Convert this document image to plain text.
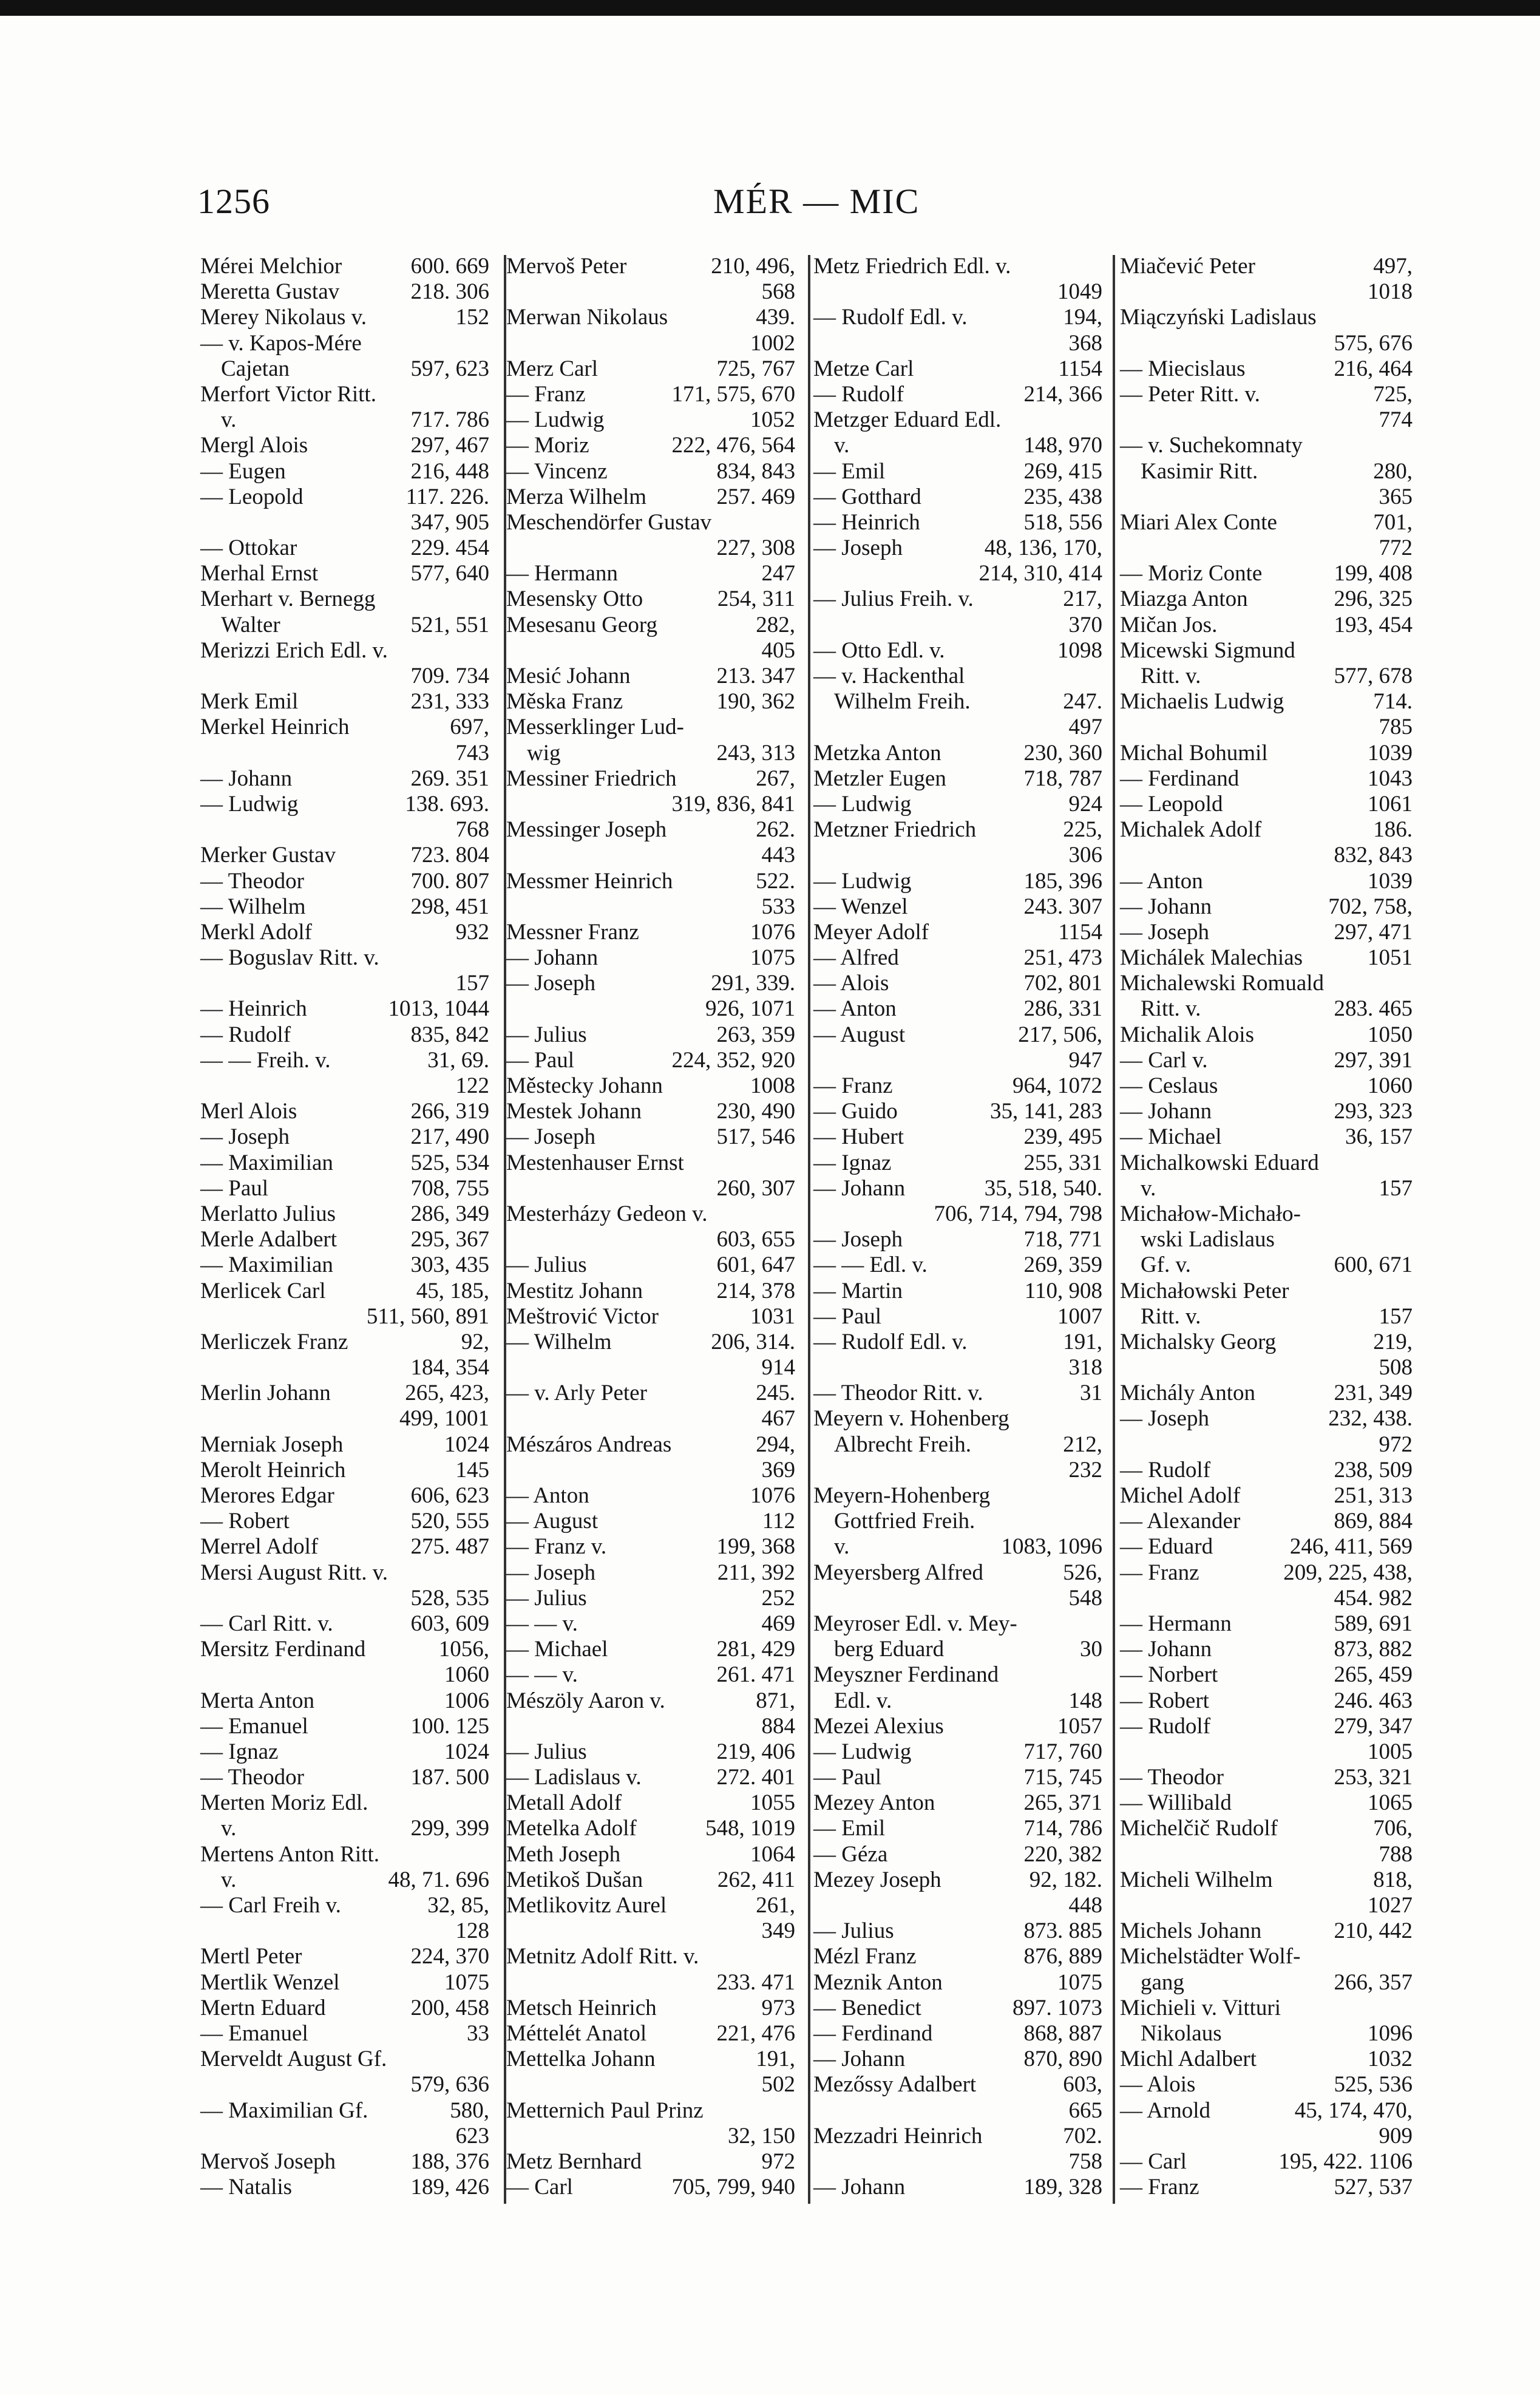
1256	MÉR — MIC
Mérei Melchior	600. 669
Meretta Gustav	218. 306
Merey Nikolaus v.	152
— v. Kapos-Mére
Cajetan	597, 623
Merfort Victor Ritt.
v.	717. 786
Mergl Alois	297, 467
— Eugen	216, 448
— Leopold	117. 226.
347, 905
— Ottokar	229. 454
Merhal Ernst	577, 640
Merhart v. Bernegg
Walter	521, 551
Merizzi Erich Edl. v.
709. 734
Merk Emil	231, 333
Merkel Heinrich	697,
743
— Johann	269. 351
— Ludwig	138. 693.
768
Merker Gustav	723. 804
— Theodor	700. 807
— Wilhelm	298, 451
Merkl Adolf	932
— Boguslav Ritt. v.
157
— Heinrich	1013, 1044
— Rudolf	835, 842
— — Freih. v.	31, 69.
122
Merl Alois	266, 319
— Joseph	217, 490
— Maximilian	525, 534
— Paul	708, 755
Merlatto Julius	286, 349
Merle Adalbert	295, 367
— Maximilian	303, 435
Merlicek Carl	45, 185,
511, 560, 891
Merliczek Franz	92,
184, 354
Merlin Johann	265, 423,
499, 1001
Merniak Joseph	1024
Merolt Heinrich	145
Merores Edgar	606, 623
— Robert	520, 555
Merrel Adolf	275. 487
Mersi August Ritt. v.
528, 535
— Carl Ritt. v.	603, 609
Mersitz Ferdinand	1056,
1060
Merta Anton	1006
— Emanuel	100. 125
— Ignaz	1024
— Theodor	187. 500
Merten Moriz Edl.
v.	299, 399
Mertens Anton Ritt.
v.	48, 71. 696
— Carl Freih v.	32, 85,
128
Mertl Peter	224, 370
Mertlik Wenzel	1075
Mertn Eduard	200, 458
— Emanuel	33
Merveldt August Gf.
579, 636
— Maximilian Gf.	580,
623
Mervoš Joseph	188, 376
— Natalis	189, 426
Mervoš Peter	210, 496,
568
Merwan Nikolaus	439.
1002
Merz Carl	725, 767
— Franz	171, 575, 670
— Ludwig	1052
— Moriz	222, 476, 564
— Vincenz	834, 843
Merza Wilhelm	257. 469
Meschendörfer Gustav
227, 308
— Hermann	247
Mesensky Otto	254, 311
Mesesanu Georg	282,
405
Mesić Johann	213. 347
Měska Franz	190, 362
Messerklinger Lud-
wig	243, 313
Messiner Friedrich	267,
319, 836, 841
Messinger Joseph	262.
443
Messmer Heinrich	522.
533
Messner Franz	1076
— Johann	1075
— Joseph	291, 339.
926, 1071
— Julius	263, 359
— Paul	224, 352, 920
Městecky Johann	1008
Mestek Johann	230, 490
— Joseph	517, 546
Mestenhauser Ernst
260, 307
Mesterházy Gedeon v.
603, 655
— Julius	601, 647
Mestitz Johann	214, 378
Meštrović Victor	1031
— Wilhelm	206, 314.
914
— v. Arly Peter	245.
467
Mészáros Andreas	294,
369
— Anton	1076
— August	112
— Franz v.	199, 368
— Joseph	211, 392
— Julius	252
— — v.	469
— Michael	281, 429
— — v.	261. 471
Mészöly Aaron v.	871,
884
— Julius	219, 406
— Ladislaus v.	272. 401
Metall Adolf	1055
Metelka Adolf	548, 1019
Meth Joseph	1064
Metikoš Dušan	262, 411
Metlikovitz Aurel	261,
349
Metnitz Adolf Ritt. v.
233. 471
Metsch Heinrich	973
Méttelét Anatol	221, 476
Mettelka Johann	191,
502
Metternich Paul Prinz
32, 150
Metz Bernhard	972
— Carl	705, 799, 940
Metz Friedrich Edl. v.
1049
— Rudolf Edl. v.	194,
368
Metze Carl	1154
— Rudolf	214, 366
Metzger Eduard Edl.
v.	148, 970
— Emil	269, 415
— Gotthard	235, 438
— Heinrich	518, 556
— Joseph	48, 136, 170,
214, 310, 414
— Julius Freih. v.	217,
370
— Otto Edl. v.	1098
— v. Hackenthal
Wilhelm Freih.	247.
497
Metzka Anton	230, 360
Metzler Eugen	718, 787
— Ludwig	924
Metzner Friedrich	225,
306
— Ludwig	185, 396
— Wenzel	243. 307
Meyer Adolf	1154
— Alfred	251, 473
— Alois	702, 801
— Anton	286, 331
— August	217, 506,
947
— Franz	964, 1072
— Guido	35, 141, 283
— Hubert	239, 495
— Ignaz	255, 331
— Johann	35, 518, 540.
706, 714, 794, 798
— Joseph	718, 771
— — Edl. v.	269, 359
— Martin	110, 908
— Paul	1007
— Rudolf Edl. v.	191,
318
— Theodor Ritt. v.	31
Meyern v. Hohenberg
Albrecht Freih.	212,
232
Meyern-Hohenberg
Gottfried Freih.
v.	1083, 1096
Meyersberg Alfred	526,
548
Meyroser Edl. v. Mey-
berg Eduard	30
Meyszner Ferdinand
Edl. v.	148
Mezei Alexius	1057
— Ludwig	717, 760
— Paul	715, 745
Mezey Anton	265, 371
— Emil	714, 786
— Géza	220, 382
Mezey Joseph	92, 182.
448
— Julius	873. 885
Mézl Franz	876, 889
Meznik Anton	1075
— Benedict	897. 1073
— Ferdinand	868, 887
— Johann	870, 890
Mezőssy Adalbert	603,
665
Mezzadri Heinrich	702.
758
— Johann	189, 328
Miačević Peter	497,
1018
Miączyński Ladislaus
575, 676
— Miecislaus	216, 464
— Peter Ritt. v.	725,
774
— v. Suchekomnaty
Kasimir Ritt.	280,
365
Miari Alex Conte	701,
772
— Moriz Conte	199, 408
Miazga Anton	296, 325
Mičan Jos.	193, 454
Micewski Sigmund
Ritt. v.	577, 678
Michaelis Ludwig	714.
785
Michal Bohumil	1039
— Ferdinand	1043
— Leopold	1061
Michalek Adolf	186.
832, 843
— Anton	1039
— Johann	702, 758,
— Joseph	297, 471
Michálek Malechias	1051
Michalewski Romuald
Ritt. v.	283. 465
Michalik Alois	1050
— Carl v.	297, 391
— Ceslaus	1060
— Johann	293, 323
— Michael	36, 157
Michalkowski Eduard
v.	157
Michałow-Michało-
wski Ladislaus
Gf. v.	600, 671
Michałowski Peter
Ritt. v.	157
Michalsky Georg	219,
508
Michály Anton	231, 349
— Joseph	232, 438.
972
— Rudolf	238, 509
Michel Adolf	251, 313
— Alexander	869, 884
— Eduard	246, 411, 569
— Franz	209, 225, 438,
454. 982
— Hermann	589, 691
— Johann	873, 882
— Norbert	265, 459
— Robert	246. 463
— Rudolf	279, 347
1005
— Theodor	253, 321
— Willibald	1065
Michelčič Rudolf	706,
788
Micheli Wilhelm	818,
1027
Michels Johann	210, 442
Michelstädter Wolf-
gang	266, 357
Michieli v. Vitturi
Nikolaus	1096
Michl Adalbert	1032
— Alois	525, 536
— Arnold	45, 174, 470,
909
— Carl	195, 422. 1106
— Franz	527, 537
